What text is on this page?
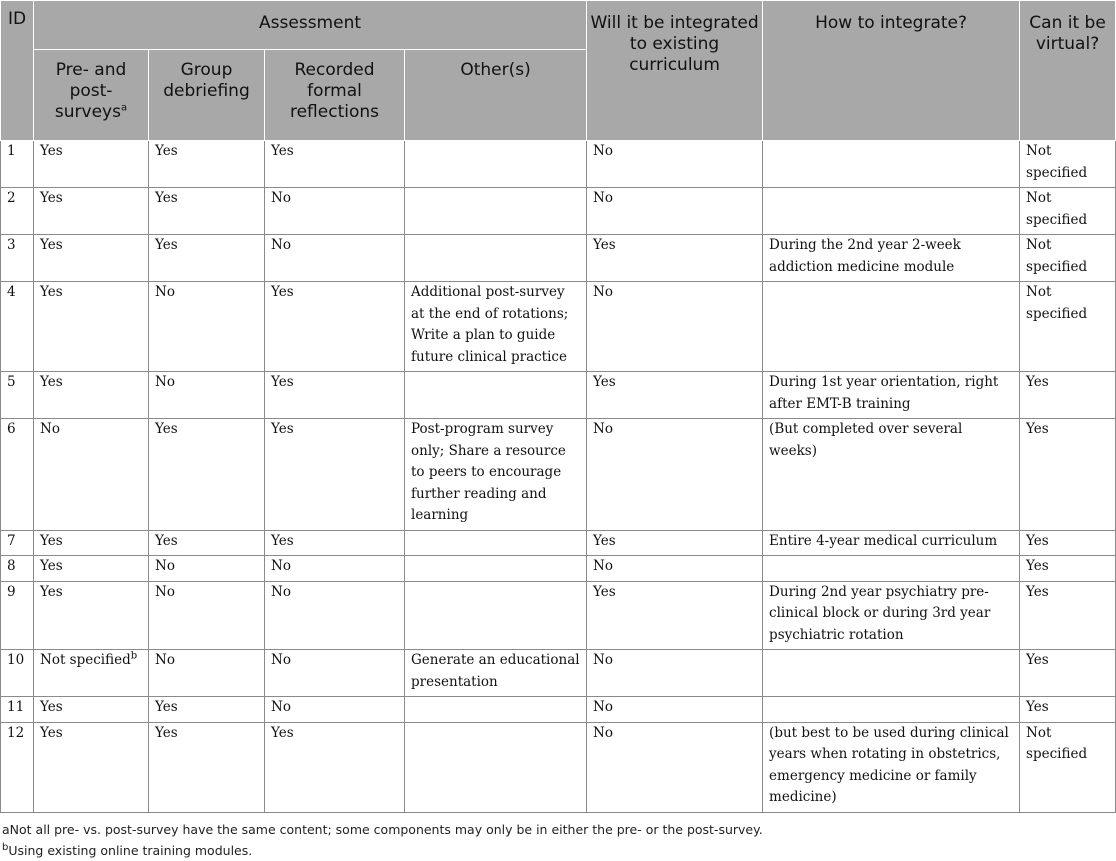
ID	Assessment				Will it be integrated to existing curriculum	How to integrate?	Can it be virtual?
	Pre- and post-surveys$^a$	Group debriefing	Recorded formal reflections	Other(s)			
1	Yes	Yes	Yes		No		Not specified
2	Yes	Yes	No		No		Not specified
3	Yes	Yes	No		Yes	During the 2nd year 2-week addiction medicine module	Not specified
4	Yes	No	Yes	Additional post-survey at the end of rotations; Write a plan to guide future clinical practice	No		Not specified
5	Yes	No	Yes		Yes	During 1st year orientation, right after EMT-B training	Yes
6	No	Yes	Yes	Post-program survey only; Share a resource to peers to encourage further reading and learning	No	(But completed over several weeks)	Yes
7	Yes	Yes	Yes		Yes	Entire 4-year medical curriculum	Yes
8	Yes	No	No		No		Yes
9	Yes	No	No		Yes	During 2nd year psychiatry pre-clinical block or during 3rd year psychiatric rotation	Yes
10	Not specified$^b$	No	No	Generate an educational presentation	No		Yes
11	Yes	Yes	No		No		Yes
12	Yes	Yes	Yes		No	(but best to be used during clinical years when rotating in obstetrics, emergency medicine or family medicine)	Not specified
aNot all pre- vs. post-survey have the same content; some components may only be in either the pre- or the post-survey.
$^b$Using existing online training modules.
